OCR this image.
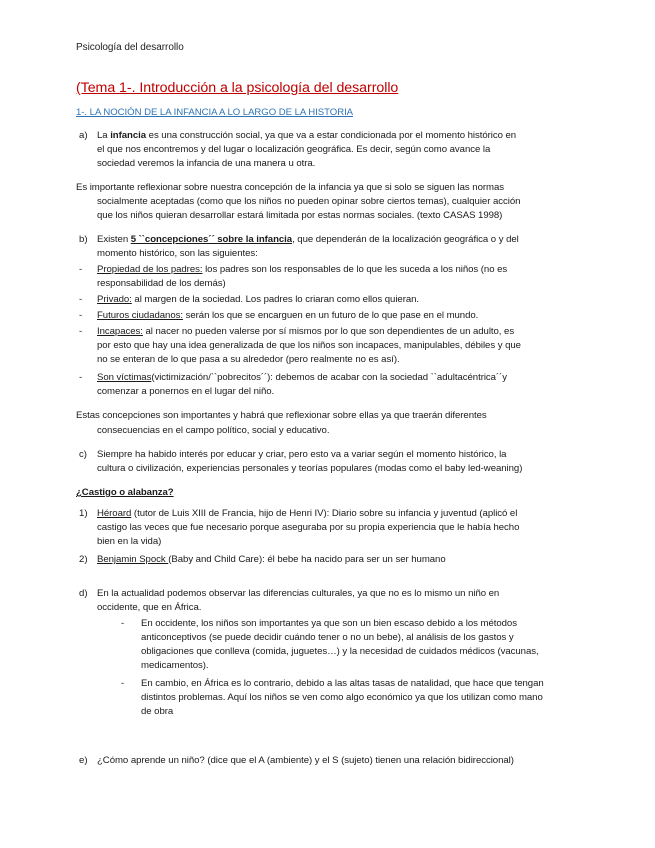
Psicología del desarrollo
(Tema 1-. Introducción a la psicología del desarrollo
1-. LA NOCIÓN DE LA INFANCIA A LO LARGO DE LA HISTORIA
a) La infancia es una construcción social, ya que va a estar condicionada por el momento histórico en
el que nos encontremos y del lugar o localización geográfica. Es decir, según como avance la
sociedad veremos la infancia de una manera u otra.
Es importante reflexionar sobre nuestra concepción de la infancia ya que si solo se siguen las normas
socialmente aceptadas (como que los niños no pueden opinar sobre ciertos temas), cualquier acción
que los niños quieran desarrollar estará limitada por estas normas sociales. (texto CASAS 1998)
b) Existen 5 ``concepciones´´ sobre la infancia, que dependerán de la localización geográfica o y del
momento histórico, son las siguientes:
- Propiedad de los padres: los padres son los responsables de lo que les suceda a los niños (no es
responsabilidad de los demás)
- Privado: al margen de la sociedad. Los padres lo criaran como ellos quieran.
- Futuros ciudadanos: serán los que se encarguen en un futuro de lo que pase en el mundo.
- Incapaces: al nacer no pueden valerse por sí mismos por lo que son dependientes de un adulto, es
por esto que hay una idea generalizada de que los niños son incapaces, manipulables, débiles y que
no se enteran de lo que pasa a su alrededor (pero realmente no es así).
- Son víctimas(victimización/``pobrecitos´´): debemos de acabar con la sociedad ``adultacéntrica´´y
comenzar a ponernos en el lugar del niño.
Estas concepciones son importantes y habrá que reflexionar sobre ellas ya que traerán diferentes
consecuencias en el campo político, social y educativo.
c) Siempre ha habido interés por educar y criar, pero esto va a variar según el momento histórico, la
cultura o civilización, experiencias personales y teorías populares (modas como el baby led-weaning)
¿Castigo o alabanza?
1) Héroard (tutor de Luis XIII de Francia, hijo de Henri IV): Diario sobre su infancia y juventud (aplicó el
castigo las veces que fue necesario porque aseguraba por su propia experiencia que le había hecho
bien en la vida)
2) Benjamin Spock (Baby and Child Care): él bebe ha nacido para ser un ser humano
d) En la actualidad podemos observar las diferencias culturales, ya que no es lo mismo un niño en
occidente, que en África.
- En occidente, los niños son importantes ya que son un bien escaso debido a los métodos
anticonceptivos (se puede decidir cuándo tener o no un bebe), al análisis de los gastos y
obligaciones que conlleva (comida, juguetes…) y la necesidad de cuidados médicos (vacunas,
medicamentos).
- En cambio, en África es lo contrario, debido a las altas tasas de natalidad, que hace que tengan
distintos problemas. Aquí los niños se ven como algo económico ya que los utilizan como mano
de obra
e) ¿Cómo aprende un niño? (dice que el A (ambiente) y el S (sujeto) tienen una relación bidireccional)
